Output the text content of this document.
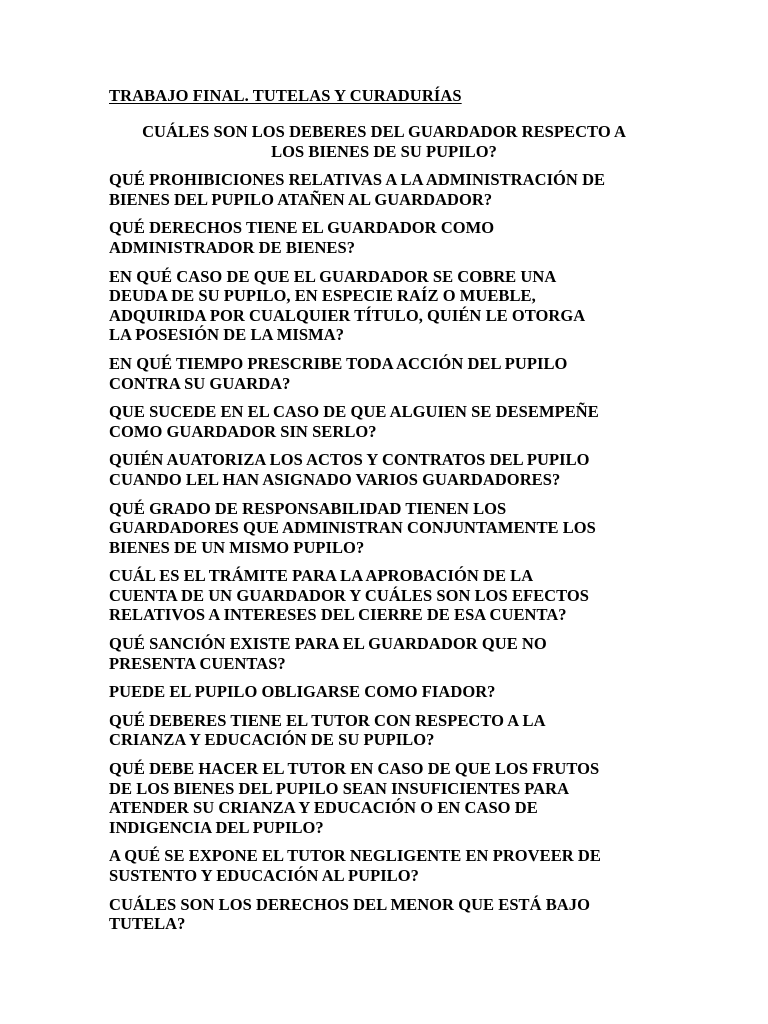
TRABAJO FINAL. TUTELAS Y CURADURÍAS
CUÁLES SON LOS DEBERES DEL GUARDADOR RESPECTO A
LOS BIENES DE SU PUPILO?
QUÉ PROHIBICIONES RELATIVAS A LA ADMINISTRACIÓN DE
BIENES DEL PUPILO ATAÑEN AL GUARDADOR?
QUÉ DERECHOS TIENE EL GUARDADOR COMO
ADMINISTRADOR DE BIENES?
EN QUÉ CASO DE QUE EL GUARDADOR SE COBRE UNA
DEUDA DE SU PUPILO, EN ESPECIE RAÍZ O MUEBLE,
ADQUIRIDA POR CUALQUIER TÍTULO, QUIÉN LE OTORGA
LA POSESIÓN DE LA MISMA?
EN QUÉ TIEMPO PRESCRIBE TODA ACCIÓN DEL PUPILO
CONTRA SU GUARDA?
QUE SUCEDE EN EL CASO DE QUE ALGUIEN SE DESEMPEÑE
COMO GUARDADOR SIN SERLO?
QUIÉN AUATORIZA LOS ACTOS Y CONTRATOS DEL PUPILO
CUANDO LEL HAN ASIGNADO VARIOS GUARDADORES?
QUÉ GRADO DE RESPONSABILIDAD TIENEN LOS
GUARDADORES QUE ADMINISTRAN CONJUNTAMENTE LOS
BIENES DE UN MISMO PUPILO?
CUÁL ES EL TRÁMITE PARA LA APROBACIÓN DE LA
CUENTA DE UN GUARDADOR Y CUÁLES SON LOS EFECTOS
RELATIVOS A INTERESES DEL CIERRE DE ESA CUENTA?
QUÉ SANCIÓN EXISTE PARA EL GUARDADOR QUE NO
PRESENTA CUENTAS?
PUEDE EL PUPILO OBLIGARSE COMO FIADOR?
QUÉ DEBERES TIENE EL TUTOR CON RESPECTO A LA
CRIANZA Y EDUCACIÓN DE SU PUPILO?
QUÉ DEBE HACER EL TUTOR EN CASO DE QUE LOS FRUTOS
DE LOS BIENES DEL PUPILO SEAN INSUFICIENTES PARA
ATENDER SU CRIANZA Y EDUCACIÓN O EN CASO DE
INDIGENCIA DEL PUPILO?
A QUÉ SE EXPONE EL TUTOR NEGLIGENTE EN PROVEER DE
SUSTENTO Y EDUCACIÓN AL PUPILO?
CUÁLES SON LOS DERECHOS DEL MENOR QUE ESTÁ BAJO
TUTELA?
